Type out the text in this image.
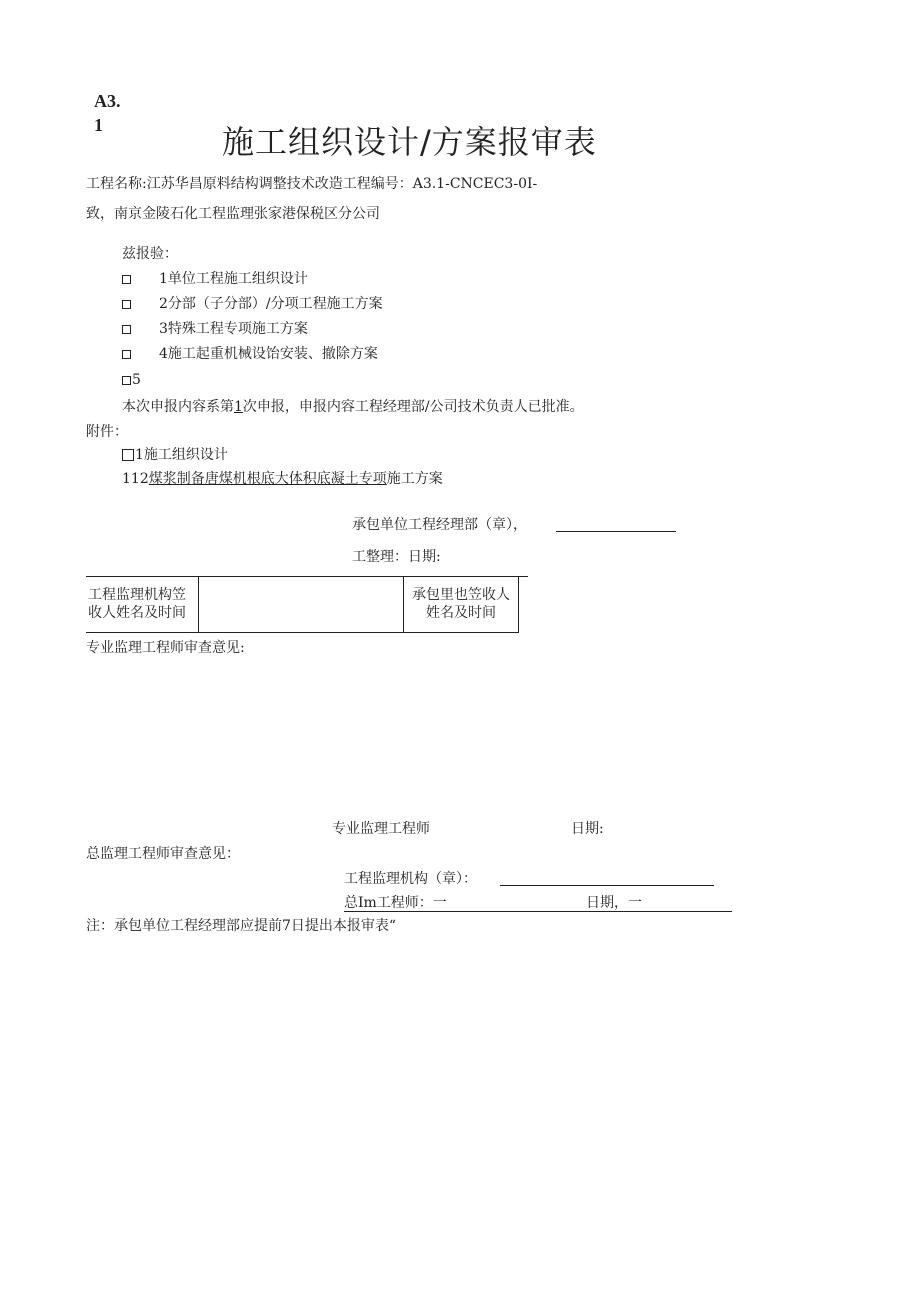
A3.
1	施工组织设计/方案报审表
工程名称:江苏华昌原料结构调整技术改造工程编号：A3.1-CNCEC3-0I-
致，南京金陵石化工程监理张家港保税区分公司
兹报验：
1单位工程施工组织设计
2分部（子分部）/分项工程施工方案
3特殊工程专项施工方案
4施工起重机械设饴安装、撤除方案
5
本次申报内容系第1次申报，申报内容工程经理部/公司技术负责人已批准。
附件：
1施工组织设计
112煤浆制备唐煤机根底大体积底凝土专项施工方案
承包单位工程经理部（章），
工整理：日期:
工程监理机构笠收人姓名及时间		承包里也笠收人姓名及时间
专业监理工程师审查意见:
专业监理工程师	日期:
总监理工程师审查意见：
工程监理机构（章）：
总Im工程师：一	日期，一
注：承包单位工程经理部应提前7日提出本报审表“
